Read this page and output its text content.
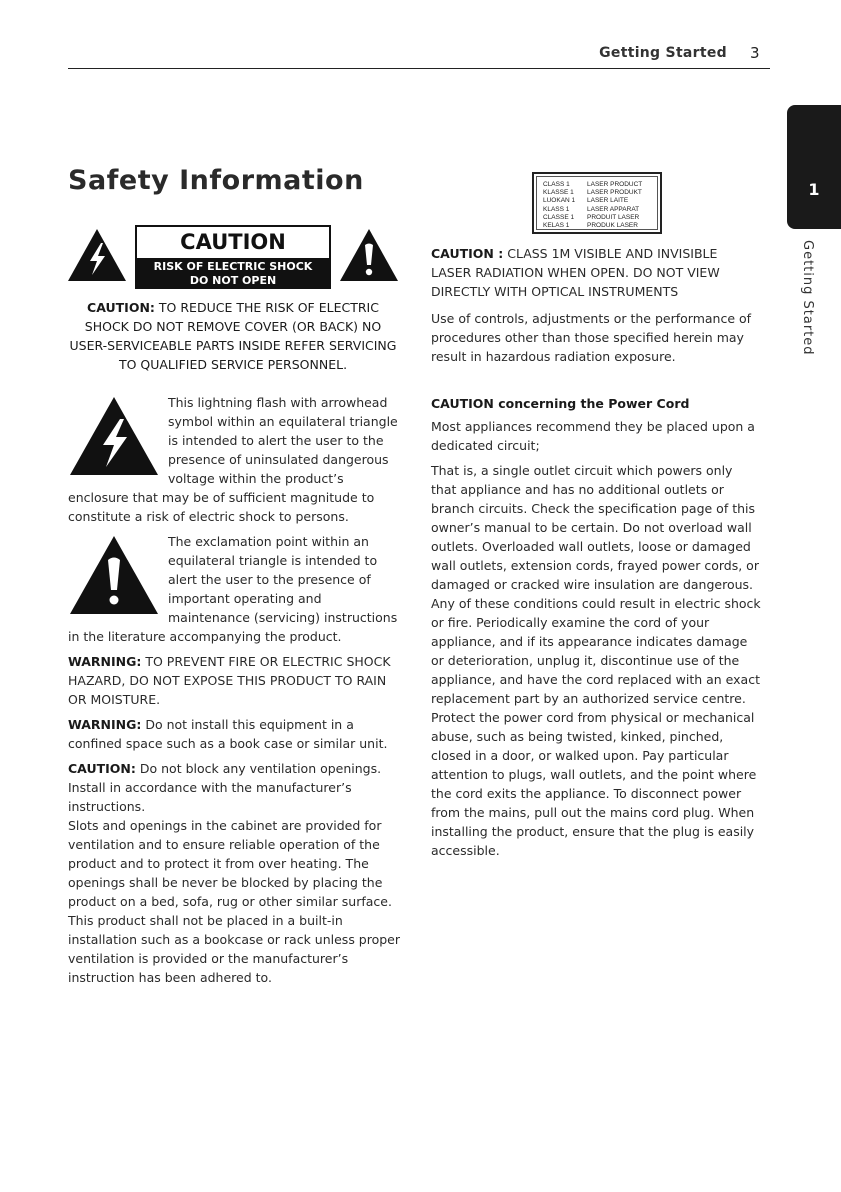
Getting Started 3
1
Getting Started
Safety Information
CAUTION
RISK OF ELECTRIC SHOCK
DO NOT OPEN
CAUTION: TO REDUCE THE RISK OF ELECTRIC SHOCK DO NOT REMOVE COVER (OR BACK) NO USER-SERVICEABLE PARTS INSIDE REFER SERVICING TO QUALIFIED SERVICE PERSONNEL.
This lightning flash with arrowhead symbol within an equilateral triangle is intended to alert the user to the presence of uninsulated dangerous voltage within the product’s enclosure that may be of sufficient magnitude to constitute a risk of electric shock to persons.
The exclamation point within an equilateral triangle is intended to alert the user to the presence of important operating and maintenance (servicing) instructions in the literature accompanying the product.

WARNING: TO PREVENT FIRE OR ELECTRIC SHOCK HAZARD, DO NOT EXPOSE THIS PRODUCT TO RAIN OR MOISTURE.

WARNING: Do not install this equipment in a confined space such as a book case or similar unit.

CAUTION: Do not block any ventilation openings. Install in accordance with the manufacturer’s instructions.

Slots and openings in the cabinet are provided for ventilation and to ensure reliable operation of the product and to protect it from over heating. The openings shall be never be blocked by placing the product on a bed, sofa, rug or other similar surface. This product shall not be placed in a built-in installation such as a bookcase or rack unless proper ventilation is provided or the manufacturer’s instruction has been adhered to.

CLASS 1	LASER PRODUCT
KLASSE 1 LASER PRODUKT
LUOKAN 1 LASER LAITE
KLASS 1	LASER APPARAT
CLASSE 1 PRODUIT LASER
KELAS 1	PRODUK LASER

CAUTION : CLASS 1M VISIBLE AND INVISIBLE LASER RADIATION WHEN OPEN. DO NOT VIEW DIRECTLY WITH OPTICAL INSTRUMENTS

Use of controls, adjustments or the performance of procedures other than those specified herein may result in hazardous radiation exposure.

CAUTION concerning the Power Cord

Most appliances recommend they be placed upon a dedicated circuit;

That is, a single outlet circuit which powers only that appliance and has no additional outlets or branch circuits. Check the specification page of this owner’s manual to be certain. Do not overload wall outlets. Overloaded wall outlets, loose or damaged wall outlets, extension cords, frayed power cords, or damaged or cracked wire insulation are dangerous. Any of these conditions could result in electric shock or fire. Periodically examine the cord of your appliance, and if its appearance indicates damage or deterioration, unplug it, discontinue use of the appliance, and have the cord replaced with an exact replacement part by an authorized service centre. Protect the power cord from physical or mechanical abuse, such as being twisted, kinked, pinched, closed in a door, or walked upon. Pay particular attention to plugs, wall outlets, and the point where the cord exits the appliance. To disconnect power from the mains, pull out the mains cord plug. When installing the product, ensure that the plug is easily accessible.
